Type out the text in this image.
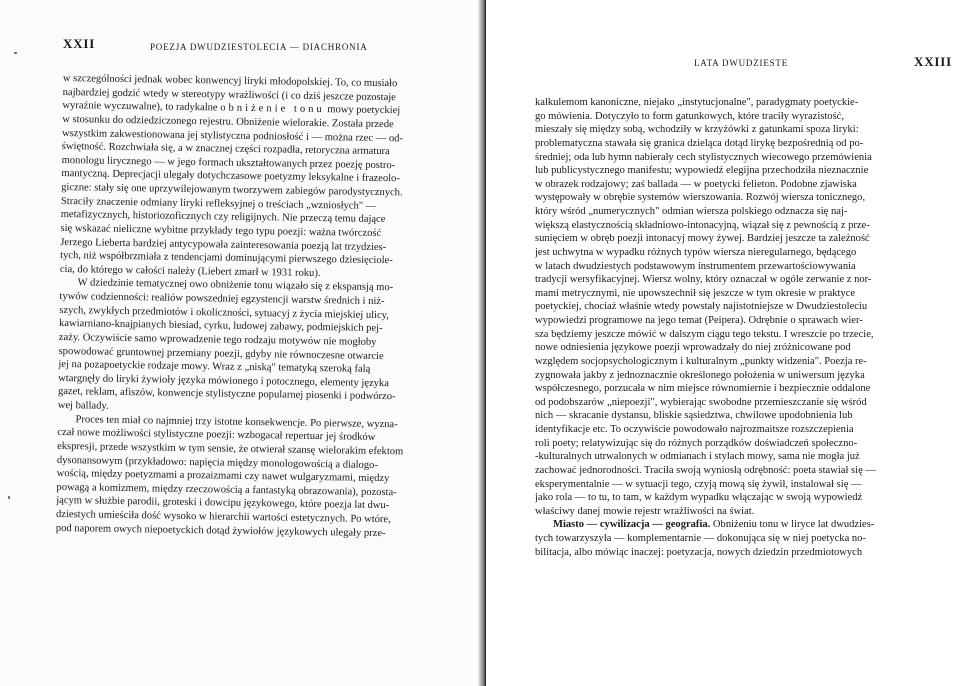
XXII	POEZJA DWUDZIESTOLECIA — DIACHRONIA
w szczególności jednak wobec konwencyj liryki młodopolskiej. To, co musiało
najbardziej godzić wtedy w stereotypy wrażliwości (i co dziś jeszcze pozostaje
wyraźnie wyczuwalne), to radykalne obniżenie tonu mowy poetyckiej
w stosunku do odziedziczonego rejestru. Obniżenie wielorakie. Została przede
wszystkim zakwestionowana jej stylistyczna podniosłość i — można rzec — od-
świętność. Rozchwiała się, a w znacznej części rozpadła, retoryczna armatura
monologu lirycznego — w jego formach ukształtowanych przez poezję postro-
mantyczną. Deprecjacji ulegały dotychczasowe poetyzmy leksykalne i frazeolo-
giczne: stały się one uprzywilejowanym tworzywem zabiegów parodystycznych.
Straciły znaczenie odmiany liryki refleksyjnej o treściach „wzniosłych" —
metafizycznych, historiozoficznych czy religijnych. Nie przeczą temu dające
się wskazać nieliczne wybitne przykłady tego typu poezji: ważna twórczość
Jerzego Lieberta bardziej antycypowała zainteresowania poezją lat trzydzies-
tych, niż współbrzmiała z tendencjami dominującymi pierwszego dziesięciole-
cia, do którego w całości należy (Liebert zmarł w 1931 roku).
W dziedzinie tematycznej owo obniżenie tonu wiązało się z ekspansją mo-
tywów codzienności: realiów powszedniej egzystencji warstw średnich i niż-
szych, zwykłych przedmiotów i okoliczności, sytuacyj z życia miejskiej ulicy,
kawiarniano-knajpianych biesiad, cyrku, ludowej zabawy, podmiejskich pej-
zaży. Oczywiście samo wprowadzenie tego rodzaju motywów nie mogłoby
spowodować gruntownej przemiany poezji, gdyby nie równoczesne otwarcie
jej na pozapoetyckie rodzaje mowy. Wraz z „niską" tematyką szeroką falą
wtargnęły do liryki żywioły języka mówionego i potocznego, elementy języka
gazet, reklam, afiszów, konwencje stylistyczne popularnej piosenki i podwórzo-
wej ballady.
Proces ten miał co najmniej trzy istotne konsekwencje. Po pierwsze, wyzna-
czał nowe możliwości stylistyczne poezji: wzbogacał repertuar jej środków
ekspresji, przede wszystkim w tym sensie, że otwierał szansę wielorakim efektom
dysonansowym (przykładowo: napięcia między monologowością a dialogo-
wością, między poetyzmami a prozaizmami czy nawet wulgaryzmami, między
powagą a komizmem, między rzeczowością a fantastyką obrazowania), pozosta-
jącym w służbie parodii, groteski i dowcipu językowego, które poezja lat dwu-
dziestych umieściła dość wysoko w hierarchii wartości estetycznych. Po wtóre,
pod naporem owych niepoetyckich dotąd żywiołów językowych ulegały prze-
LATA DWUDZIESTE	XXIII
kalkulemom kanoniczne, niejako „instytucjonalne", paradygmaty poetyckie-
go mówienia. Dotyczyło to form gatunkowych, które traciły wyrazistość,
mieszały się między sobą, wchodziły w krzyżówki z gatunkami spoza liryki:
problematyczna stawała się granica dzieląca dotąd lirykę bezpośrednią od po-
średniej; oda lub hymn nabierały cech stylistycznych wiecowego przemówienia
lub publicystycznego manifestu; wypowiedź elegijna przechodziła nieznacznie
w obrazek rodzajowy; zaś ballada — w poetycki felieton. Podobne zjawiska
występowały w obrębie systemów wierszowania. Rozwój wiersza tonicznego,
który wśród „numerycznych" odmian wiersza polskiego odznacza się naj-
większą elastycznością składniowo-intonacyjną, wiązał się z pewnością z prze-
sunięciem w obręb poezji intonacyj mowy żywej. Bardziej jeszcze ta zależność
jest uchwytna w wypadku różnych typów wiersza nieregularnego, będącego
w latach dwudziestych podstawowym instrumentem przewartościowywania
tradycji wersyfikacyjnej. Wiersz wolny, który oznaczał w ogóle zerwanie z nor-
mami metrycznymi, nie upowszechnił się jeszcze w tym okresie w praktyce
poetyckiej, chociaż właśnie wtedy powstały najistotniejsze w Dwudziestoleciu
wypowiedzi programowe na jego temat (Peipera). Odrębnie o sprawach wier-
sza będziemy jeszcze mówić w dalszym ciągu tego tekstu. I wreszcie po trzecie,
nowe odniesienia językowe poezji wprowadzały do niej zróżnicowane pod
względem socjopsychologicznym i kulturalnym „punkty widzenia". Poezja re-
zygnowała jakby z jednoznacznie określonego położenia w uniwersum języka
współczesnego, porzucała w nim miejsce równomiernie i bezpiecznie oddalone
od podobszarów „niepoezji", wybierając swobodne przemieszczanie się wśród
nich — skracanie dystansu, bliskie sąsiedztwa, chwilowe upodobnienia lub
identyfikacje etc. To oczywiście powodowało najrozmaitsze rozszczepienia
roli poety; relatywizując się do różnych porządków doświadczeń społeczno-
-kulturalnych utrwalonych w odmianach i stylach mowy, sama nie mogła już
zachować jednorodności. Traciła swoją wyniosłą odrębność: poeta stawiał się —
eksperymentalnie — w sytuacji tego, czyją mową się żywił, instalował się —
jako rola — to tu, to tam, w każdym wypadku włączając w swoją wypowiedź
właściwy danej mowie rejestr wrażliwości na świat.
Miasto — cywilizacja — geografia. Obniżeniu tonu w liryce lat dwudzies-
tych towarzyszyła — komplementarnie — dokonująca się w niej poetycka no-
bilitacja, albo mówiąc inaczej: poetyzacja, nowych dziedzin przedmiotowych
